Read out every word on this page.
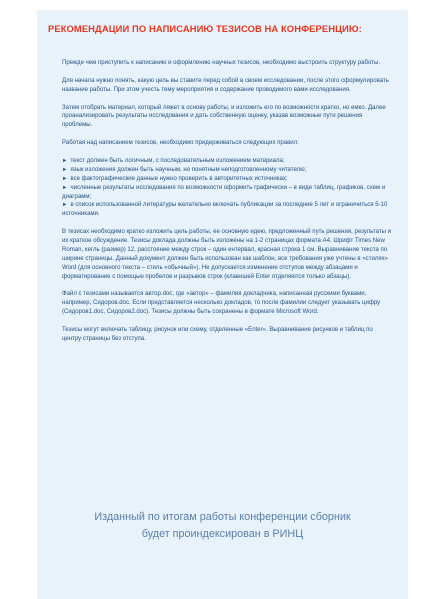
РЕКОМЕНДАЦИИ ПО НАПИСАНИЮ ТЕЗИСОВ НА КОНФЕРЕНЦИЮ:

Прежде чем приступить к написанию и оформлению научных тезисов, необходимо выстроить структуру работы.

Для начала нужно понять, какую цель вы ставите перед собой в своем исследовании, после этого сформулировать название работы. При этом учесть тему мероприятия и содержание проводимого вами исследования.

Затем отобрать материал, который ляжет в основу работы, и изложить его по возможности кратко, но емко. Далее проанализировать результаты исследования и дать собственную оценку, указав возможные пути решения проблемы.

Работая над написанием тезисов, необходимо придерживаться следующих правил:

► текст должен быть логичным, с последовательным изложением материала;
► язык изложения должен быть научным, но понятным неподготовленному читателю;
► все фактографические данные нужно проверить в авторитетных источниках;
► численные результаты исследования по возможности оформить графически – в виде таблиц, графиков, схем и диаграмм;
► в список использованной литературы желательно включать публикации за последние 5 лет и ограничиться 5-10 источниками.

В тезисах необходимо кратко изложить цель работы, ее основную идею, предложенный путь решения, результаты и их краткое обсуждение. Тезисы доклада должны быть изложены на 1-2 страницах формата А4. Шрифт Times New Roman, кегль (размер) 12, расстояние между строк – один интервал, красная строка 1 см. Выравнивание текста по ширине страницы. Данный документ должен быть использован как шаблон, все требования уже учтены в «стилях» Word (для основного текста – стиль «обычный»). Не допускается изменение отступов между абзацами и форматирование с помощью пробелов и разрывов строк (клавишей Enter отделяются только абзацы).

Файл с тезисами называется автор.doc, где «автор» – фамилия докладчика, написанная русскими буквами, например, Сидоров.doc. Если представляется несколько докладов, то после фамилии следует указывать цифру (Сидоров1.doc, Сидоров2.doc). Тезисы должны быть сохранены в формате Microsoft Word.

Тезисы могут включать таблицу, рисунок или схему, отделенные «Enter». Выравнивание рисунков и таблиц по центру страницы без отступа.

Изданный по итогам работы конференции сборник
будет проиндексирован в РИНЦ
